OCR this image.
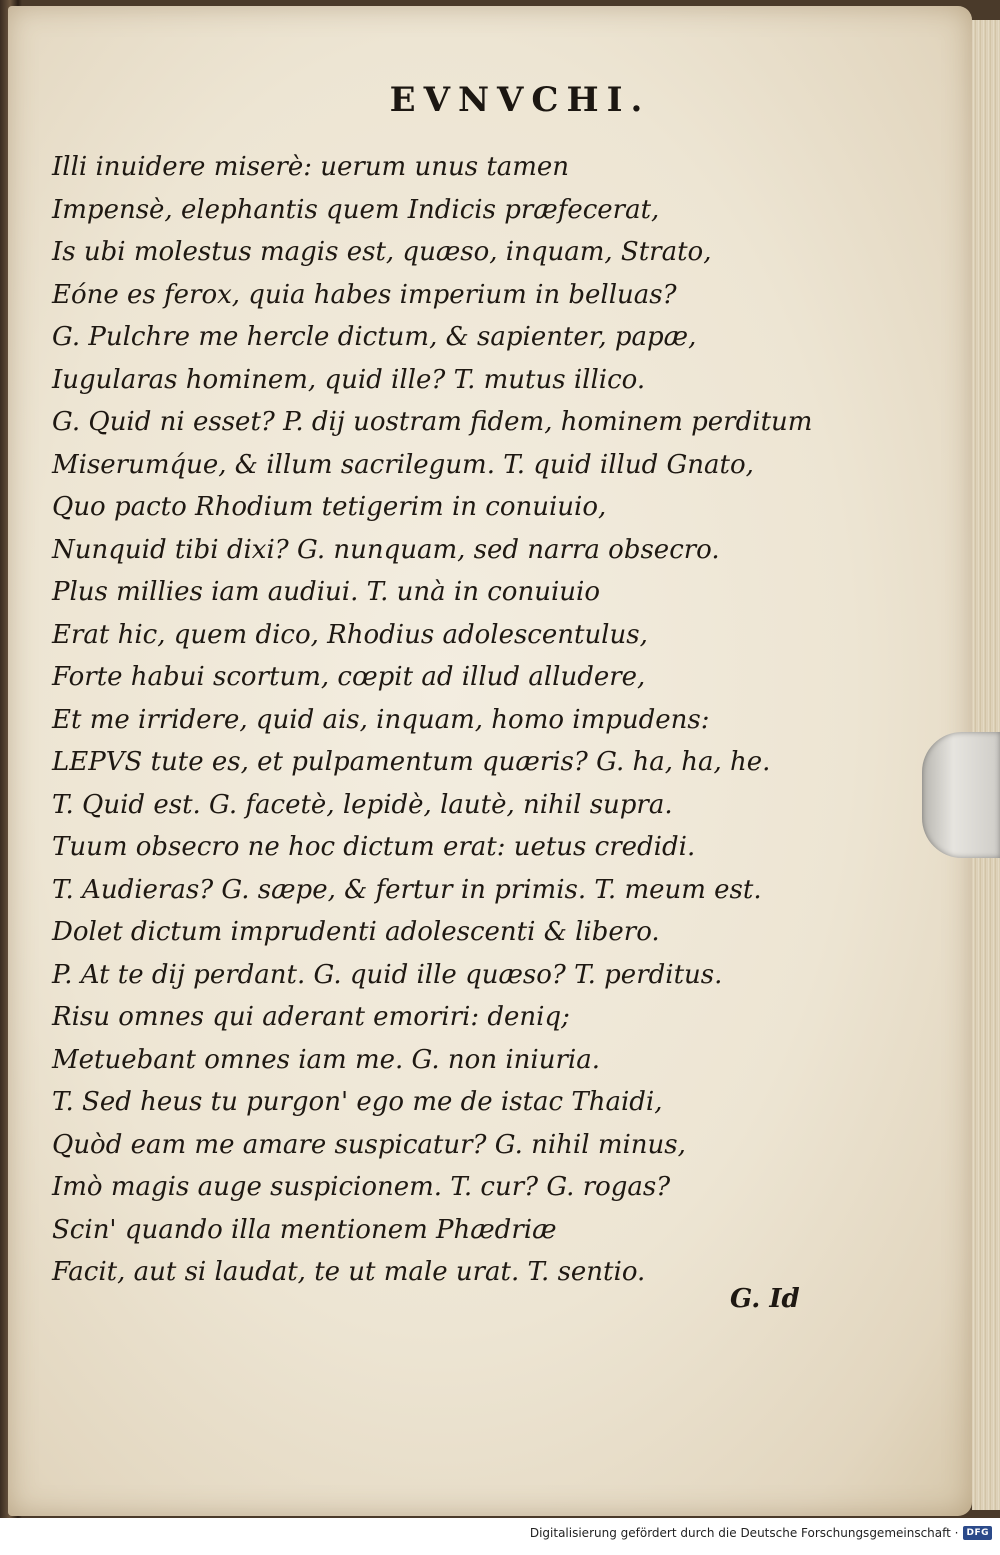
EVNVCHI.
Illi inuidere miserè: uerum unus tamen
Impensè, elephantis quem Indicis præfecerat,
Is ubi molestus magis est, quæso, inquam, Strato,
Eóne es ferox, quia habes imperium in belluas?
G. Pulchre me hercle dictum, & sapienter, papæ,
Iugularas hominem, quid ille? T. mutus illico.
G. Quid ni esset? P. dij uostram fidem, hominem perditum
Miserumq́ue, & illum sacrilegum. T. quid illud Gnato,
Quo pacto Rhodium tetigerim in conuiuio,
Nunquid tibi dixi? G. nunquam, sed narra obsecro.
Plus millies iam audiui. T. unà in conuiuio
Erat hic, quem dico, Rhodius adolescentulus,
Forte habui scortum, cœpit ad illud alludere,
Et me irridere, quid ais, inquam, homo impudens:
LEPVS tute es, et pulpamentum quæris? G. ha, ha, he.
T. Quid est. G. facetè, lepidè, lautè, nihil supra.
Tuum obsecro ne hoc dictum erat: uetus credidi.
T. Audieras? G. sæpe, & fertur in primis. T. meum est.
Dolet dictum imprudenti adolescenti & libero.
P. At te dij perdant. G. quid ille quæso? T. perditus.
Risu omnes qui aderant emoriri: deniq;
Metuebant omnes iam me. G. non iniuria.
T. Sed heus tu purgon' ego me de istac Thaidi,
Quòd eam me amare suspicatur? G. nihil minus,
Imò magis auge suspicionem. T. cur? G. rogas?
Scin' quando illa mentionem Phædriæ
Facit, aut si laudat, te ut male urat. T. sentio.
G. Id
Digitalisierung gefördert durch die Deutsche Forschungsgemeinschaft · DFG
